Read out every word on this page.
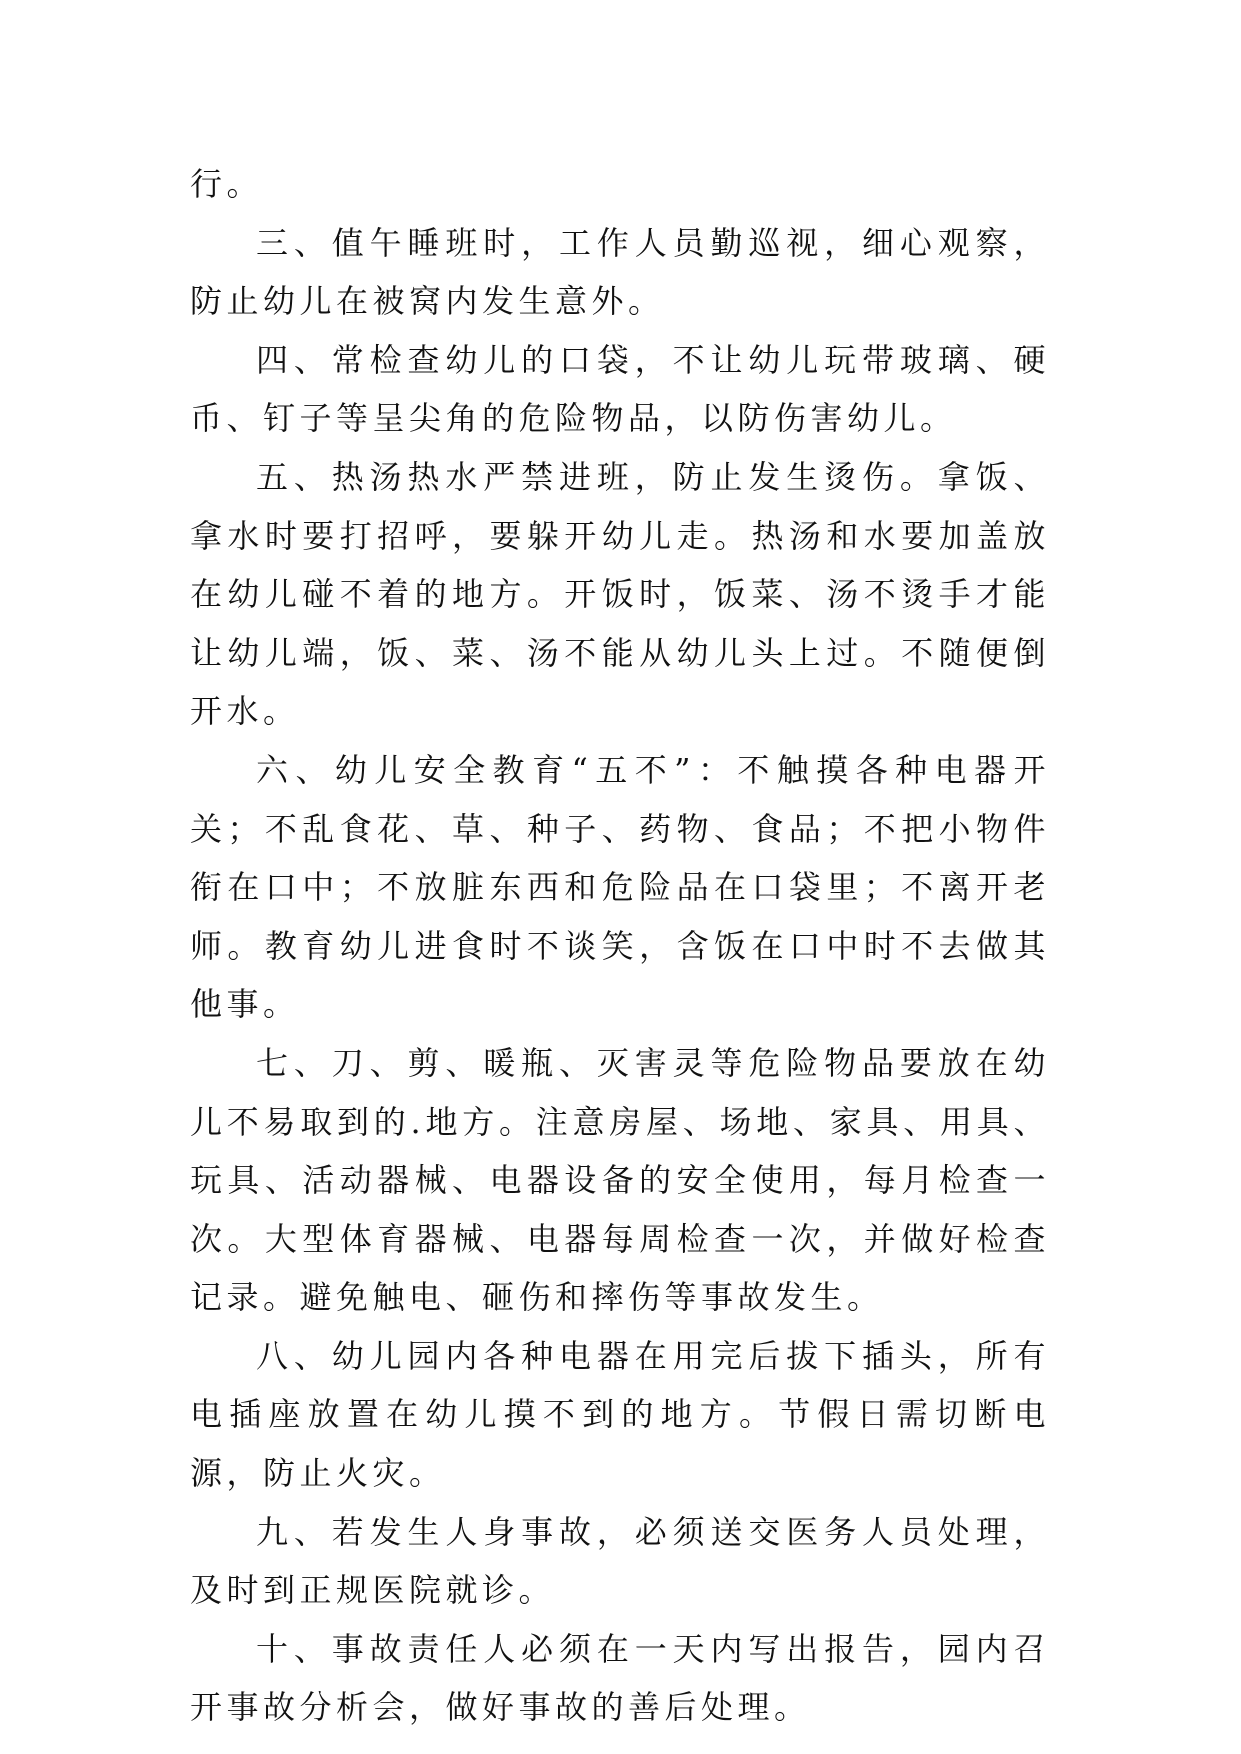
行。

三、值午睡班时，工作人员勤巡视，细心观察，防止幼儿在被窝内发生意外。

四、常检查幼儿的口袋，不让幼儿玩带玻璃、硬币、钉子等呈尖角的危险物品，以防伤害幼儿。

五、热汤热水严禁进班，防止发生烫伤。拿饭、拿水时要打招呼，要躲开幼儿走。热汤和水要加盖放在幼儿碰不着的地方。开饭时，饭菜、汤不烫手才能让幼儿端，饭、菜、汤不能从幼儿头上过。不随便倒开水。

六、幼儿安全教育“五不”：不触摸各种电器开关；不乱食花、草、种子、药物、食品；不把小物件衔在口中；不放脏东西和危险品在口袋里；不离开老师。教育幼儿进食时不谈笑，含饭在口中时不去做其他事。

七、刀、剪、暖瓶、灭害灵等危险物品要放在幼儿不易取到的.地方。注意房屋、场地、家具、用具、玩具、活动器械、电器设备的安全使用，每月检查一次。大型体育器械、电器每周检查一次，并做好检查记录。避免触电、砸伤和摔伤等事故发生。

八、幼儿园内各种电器在用完后拔下插头，所有电插座放置在幼儿摸不到的地方。节假日需切断电源，防止火灾。

九、若发生人身事故，必须送交医务人员处理，及时到正规医院就诊。

十、事故责任人必须在一天内写出报告，园内召开事故分析会，做好事故的善后处理。
